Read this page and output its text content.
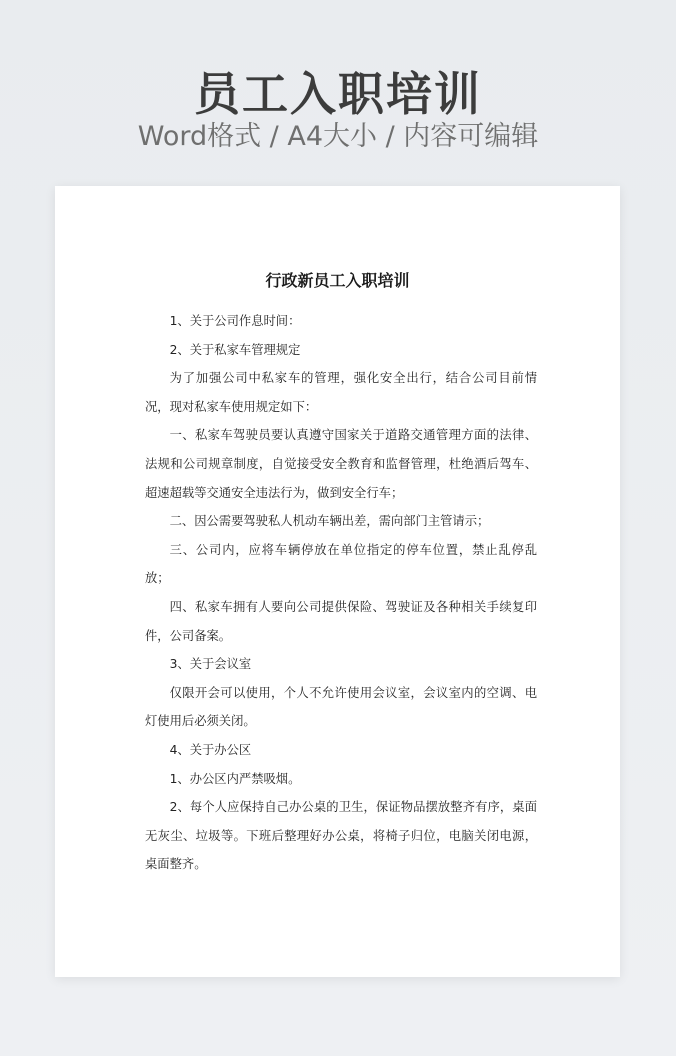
员工入职培训
Word格式 / A4大小 / 内容可编辑
行政新员工入职培训

1、关于公司作息时间：

2、关于私家车管理规定

为了加强公司中私家车的管理，强化安全出行，结合公司目前情况，现对私家车使用规定如下：

一、私家车驾驶员要认真遵守国家关于道路交通管理方面的法律、法规和公司规章制度，自觉接受安全教育和监督管理，杜绝酒后驾车、超速超载等交通安全违法行为，做到安全行车；

二、因公需要驾驶私人机动车辆出差，需向部门主管请示；

三、公司内，应将车辆停放在单位指定的停车位置，禁止乱停乱放；

四、私家车拥有人要向公司提供保险、驾驶证及各种相关手续复印件，公司备案。

3、关于会议室

仅限开会可以使用，个人不允许使用会议室，会议室内的空调、电灯使用后必须关闭。

4、关于办公区

1、办公区内严禁吸烟。

2、每个人应保持自己办公桌的卫生，保证物品摆放整齐有序，桌面无灰尘、垃圾等。下班后整理好办公桌，将椅子归位，电脑关闭电源，桌面整齐。
